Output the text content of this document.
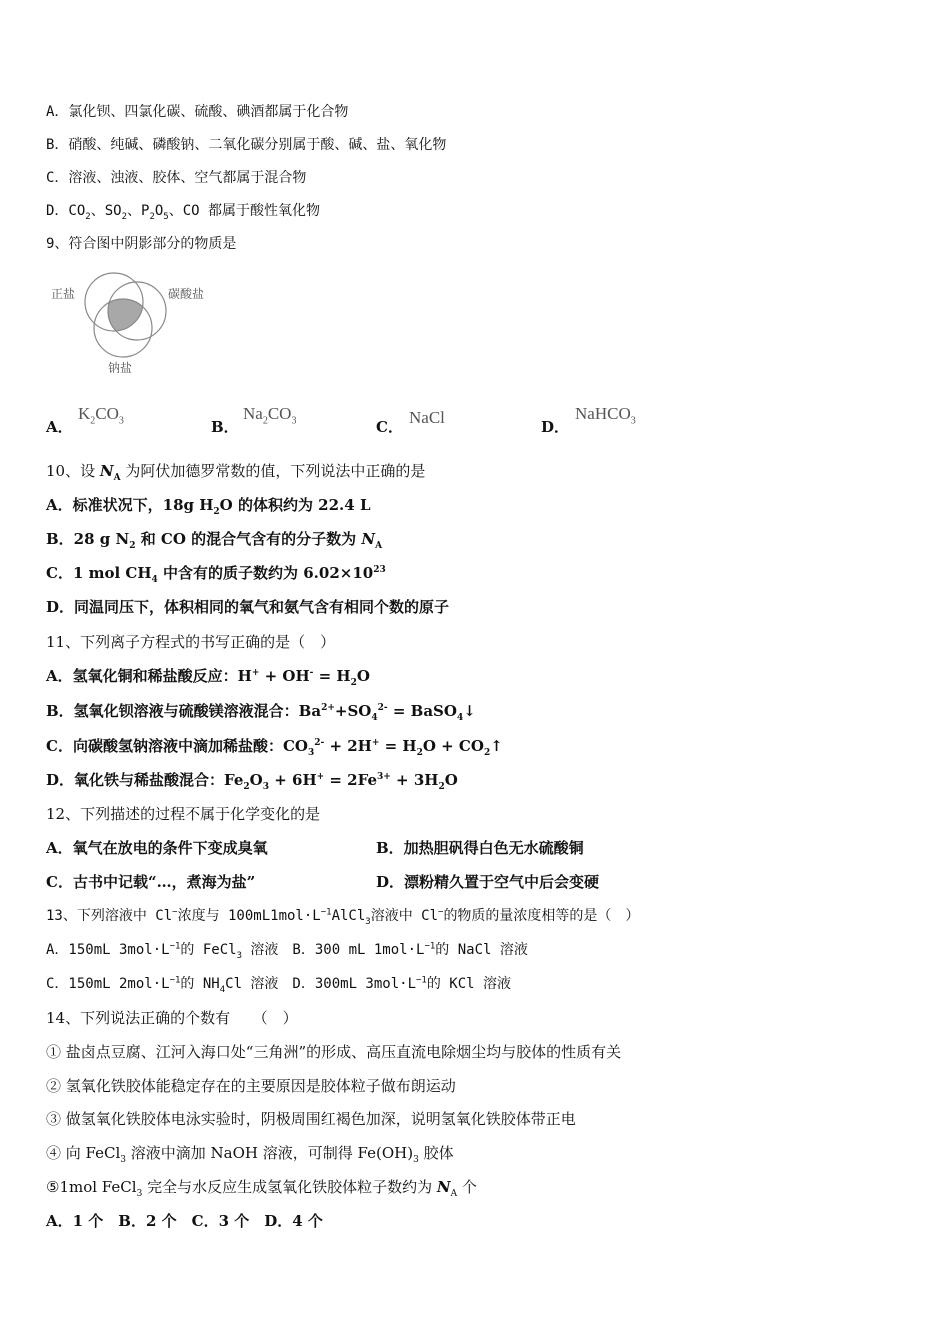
A．氯化钡、四氯化碳、硫酸、碘酒都属于化合物
B．硝酸、纯碱、磷酸钠、二氧化碳分别属于酸、碱、盐、氧化物
C．溶液、浊液、胶体、空气都属于混合物
D．$CO_2$、$SO_2$、$P_2O_5$、CO 都属于酸性氧化物
9、符合图中阴影部分的物质是
正盐	碳酸盐
钠盐
A．
$K_2CO_3$	B．
$Na_2CO_3$	C． NaCl	D．
NaHCO$_3$
10、设 $N_A$ 为阿伏加德罗常数的值，下列说法中正确的是
A．标准状况下，18g $H_2O$ 的体积约为 22.4 L
B．28 g $N_2$ 和 CO 的混合气含有的分子数为 $N_A$
C．1 mol $CH_4$ 中含有的质子数约为 $6.02\times 10^{23}$
D．同温同压下，体积相同的氧气和氨气含有相同个数的原子
11、下列离子方程式的书写正确的是（　）
A．氢氧化铜和稀盐酸反应：$H^+ + OH^- = H_2O$
B．氢氧化钡溶液与硫酸镁溶液混合：$Ba^{2+}+SO_4^{2-}$ = BaSO$_4$↓
C．向碳酸氢钠溶液中滴加稀盐酸：$CO_3^{2-} + 2H^+ = H_2O$ + $CO_2↑$
D．氧化铁与稀盐酸混合：$Fe_2O_3 + 6H^+ = 2Fe^{3+} + 3H_2O$
12、下列描述的过程不属于化学变化的是
A．氧气在放电的条件下变成臭氧	B．加热胆矾得白色无水硫酸铜
C．古书中记载“…，煮海为盐”	D．漂粉精久置于空气中后会变硬
13、下列溶液中 Cl−浓度与 $100mL1mol\cdot L^{-1}AlCl_3$溶液中 Cl−的物质的量浓度相等的是（　）
A．150mL $3mol\cdot L^{-1}$的 FeCl$_3$ 溶液　B．300 mL $1mol\cdot L^{-1}$的 NaCl 溶液
C．150mL $2mol\cdot L^{-1}$的 $NH_4Cl$ 溶液　D．300mL $3mol\cdot L^{-1}$的 KCl 溶液
14、下列说法正确的个数有　　（　）
① 盐卤点豆腐、江河入海口处“三角洲”的形成、高压直流电除烟尘均与胶体的性质有关
② 氢氧化铁胶体能稳定存在的主要原因是胶体粒子做布朗运动
③ 做氢氧化铁胶体电泳实验时，阴极周围红褐色加深，说明氢氧化铁胶体带正电
④ 向 FeCl$_3$ 溶液中滴加 NaOH 溶液，可制得 $Fe(OH)_3$ 胶体
⑤1mol FeCl$_3$ 完全与水反应生成氢氧化铁胶体粒子数约为 $N_A$ 个
A．1 个　B．2 个　C．3 个　D．4 个
